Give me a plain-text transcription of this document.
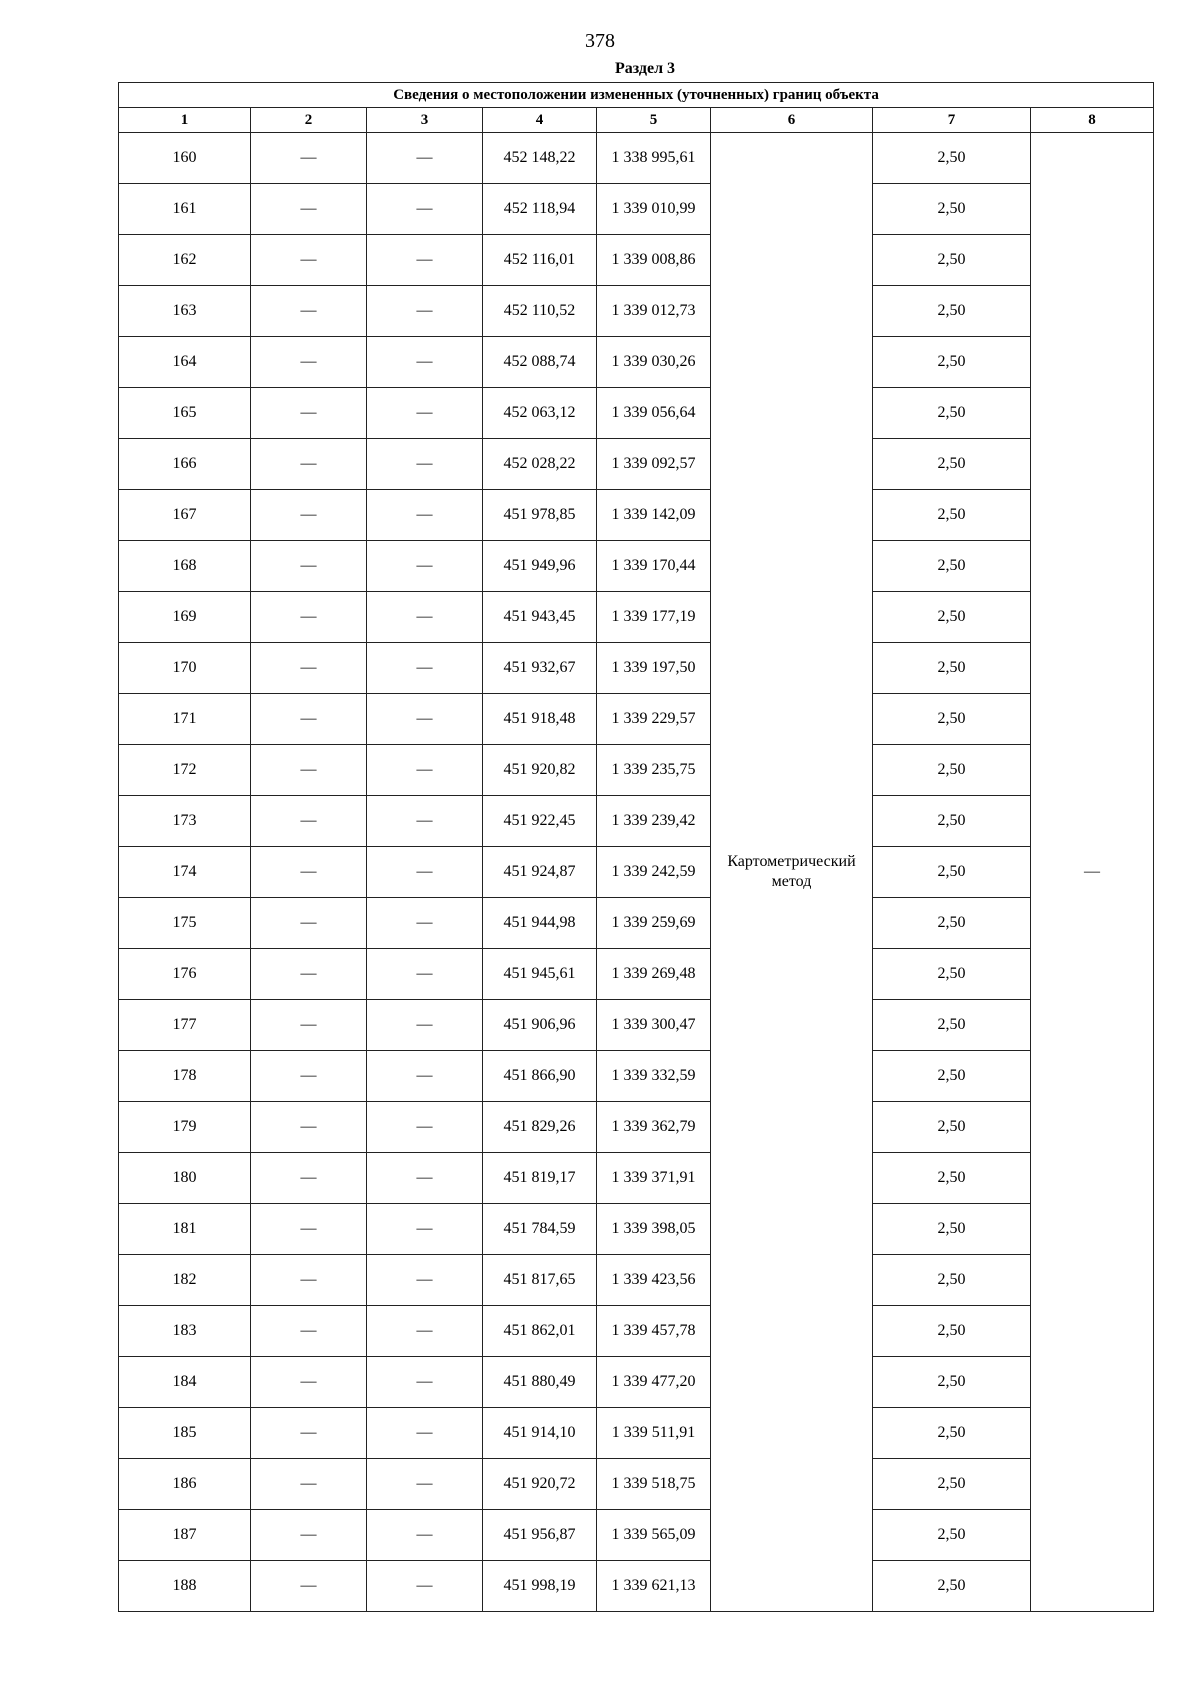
378
Раздел 3
Сведения о местоположении измененных (уточненных) границ объекта							
1	2	3	4	5	6	7	8
160	—	—	452 148,22	1 338 995,61	Картометрический метод	2,50	—
161	—	—	452 118,94	1 339 010,99		2,50	
162	—	—	452 116,01	1 339 008,86		2,50	
163	—	—	452 110,52	1 339 012,73		2,50	
164	—	—	452 088,74	1 339 030,26		2,50	
165	—	—	452 063,12	1 339 056,64		2,50	
166	—	—	452 028,22	1 339 092,57		2,50	
167	—	—	451 978,85	1 339 142,09		2,50	
168	—	—	451 949,96	1 339 170,44		2,50	
169	—	—	451 943,45	1 339 177,19		2,50	
170	—	—	451 932,67	1 339 197,50		2,50	
171	—	—	451 918,48	1 339 229,57		2,50	
172	—	—	451 920,82	1 339 235,75		2,50	
173	—	—	451 922,45	1 339 239,42		2,50	
174	—	—	451 924,87	1 339 242,59		2,50	
175	—	—	451 944,98	1 339 259,69		2,50	
176	—	—	451 945,61	1 339 269,48		2,50	
177	—	—	451 906,96	1 339 300,47		2,50	
178	—	—	451 866,90	1 339 332,59		2,50	
179	—	—	451 829,26	1 339 362,79		2,50	
180	—	—	451 819,17	1 339 371,91		2,50	
181	—	—	451 784,59	1 339 398,05		2,50	
182	—	—	451 817,65	1 339 423,56		2,50	
183	—	—	451 862,01	1 339 457,78		2,50	
184	—	—	451 880,49	1 339 477,20		2,50	
185	—	—	451 914,10	1 339 511,91		2,50	
186	—	—	451 920,72	1 339 518,75		2,50	
187	—	—	451 956,87	1 339 565,09		2,50	
188	—	—	451 998,19	1 339 621,13		2,50	
